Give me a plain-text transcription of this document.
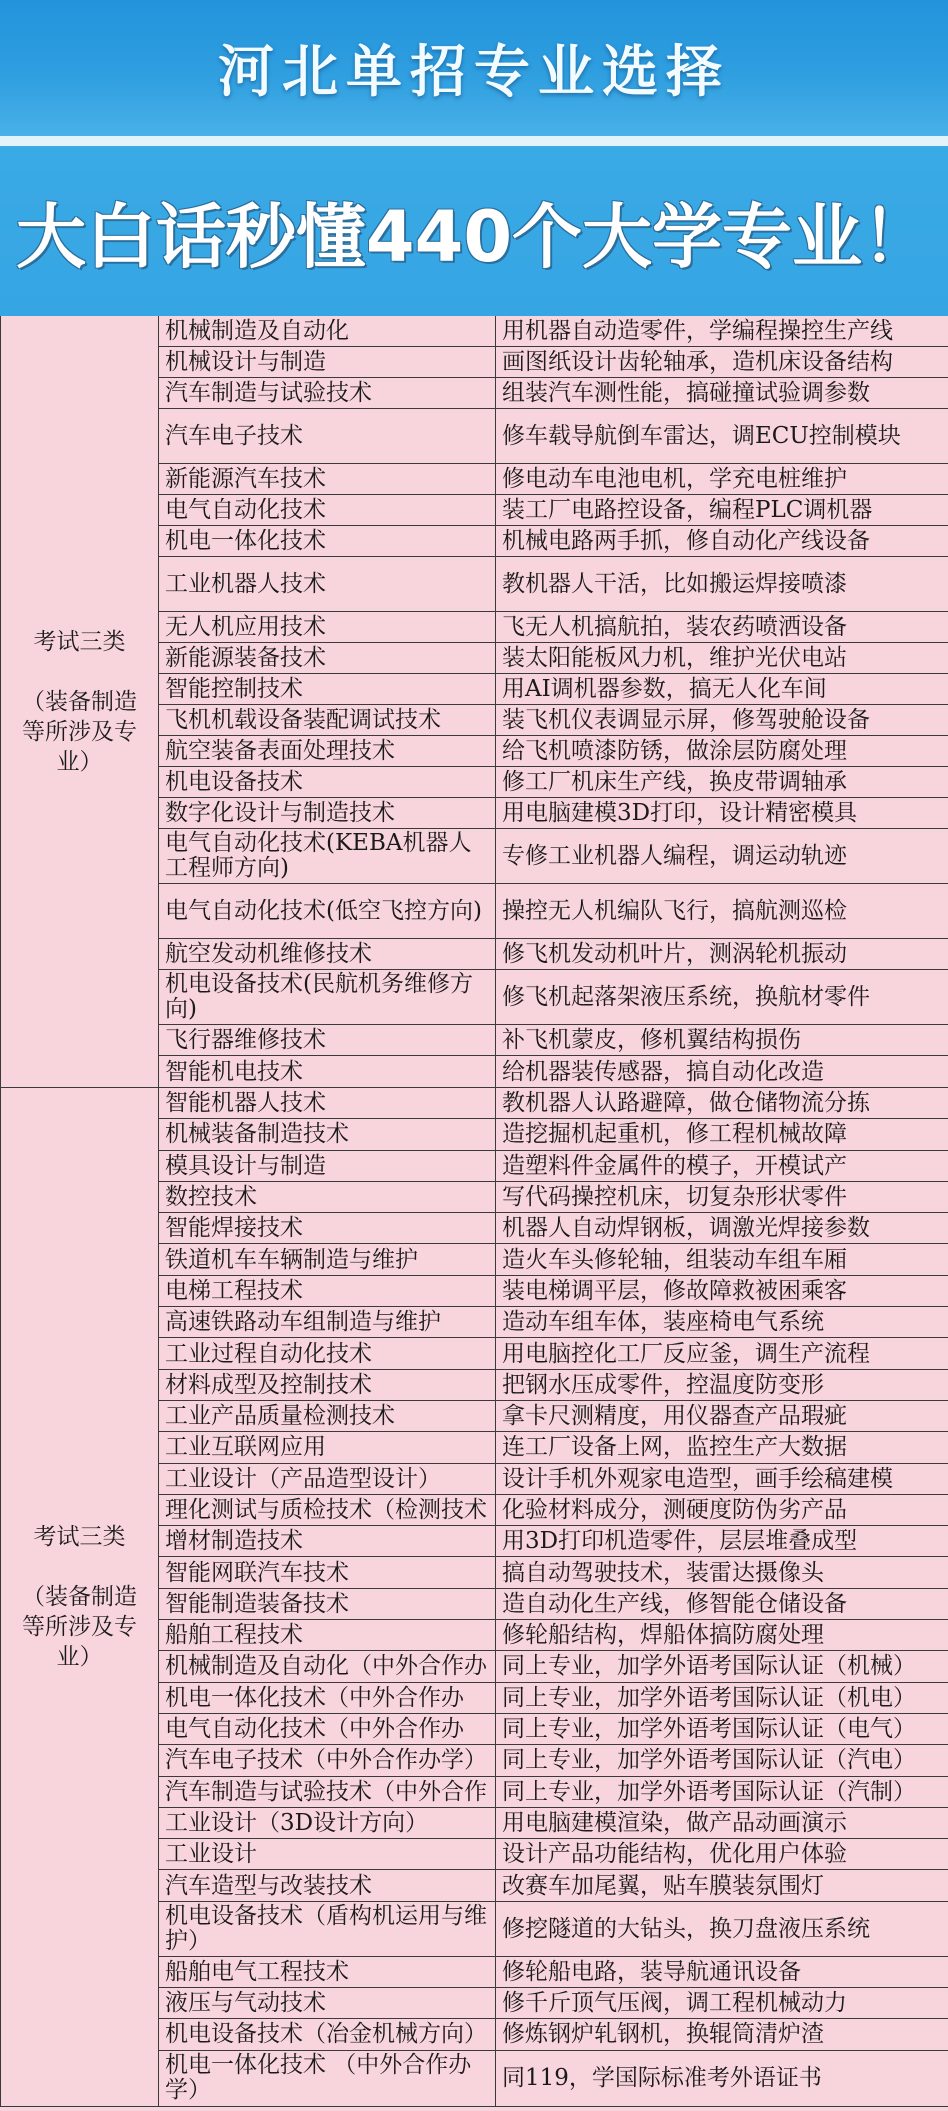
河北单招专业选择
大白话秒懂440个大学专业！
考试三类
（装备制造等所涉及专业）
机械制造及自动化	用机器自动造零件，学编程操控生产线
机械设计与制造	画图纸设计齿轮轴承，造机床设备结构
汽车制造与试验技术	组装汽车测性能，搞碰撞试验调参数
汽车电子技术	修车载导航倒车雷达，调ECU控制模块
新能源汽车技术	修电动车电池电机，学充电桩维护
电气自动化技术	装工厂电路控设备，编程PLC调机器
机电一体化技术	机械电路两手抓，修自动化产线设备
工业机器人技术	教机器人干活，比如搬运焊接喷漆
无人机应用技术	飞无人机搞航拍，装农药喷洒设备
新能源装备技术	装太阳能板风力机，维护光伏电站
智能控制技术	用AI调机器参数，搞无人化车间
飞机机载设备装配调试技术	装飞机仪表调显示屏，修驾驶舱设备
航空装备表面处理技术	给飞机喷漆防锈，做涂层防腐处理
机电设备技术	修工厂机床生产线，换皮带调轴承
数字化设计与制造技术	用电脑建模3D打印，设计精密模具
电气自动化技术(KEBA机器人工程师方向)	专修工业机器人编程，调运动轨迹
电气自动化技术(低空飞控方向) 操控无人机编队飞行，搞航测巡检
航空发动机维修技术	修飞机发动机叶片，测涡轮机振动
机电设备技术(民航机务维修方向)	修飞机起落架液压系统，换航材零件
飞行器维修技术	补飞机蒙皮，修机翼结构损伤
智能机电技术	给机器装传感器，搞自动化改造
考试三类
（装备制造等所涉及专业）
智能机器人技术	教机器人认路避障，做仓储物流分拣
机械装备制造技术	造挖掘机起重机，修工程机械故障
模具设计与制造	造塑料件金属件的模子，开模试产
数控技术	写代码操控机床，切复杂形状零件
智能焊接技术	机器人自动焊钢板，调激光焊接参数
铁道机车车辆制造与维护	造火车头修轮轴，组装动车组车厢
电梯工程技术	装电梯调平层，修故障救被困乘客
高速铁路动车组制造与维护	造动车组车体，装座椅电气系统
工业过程自动化技术	用电脑控化工厂反应釜，调生产流程
材料成型及控制技术	把钢水压成零件，控温度防变形
工业产品质量检测技术	拿卡尺测精度，用仪器查产品瑕疵
工业互联网应用	连工厂设备上网，监控生产大数据
工业设计（产品造型设计）	设计手机外观家电造型，画手绘稿建模
理化测试与质检技术（检测技术 化验材料成分，测硬度防伪劣产品
增材制造技术	用3D打印机造零件，层层堆叠成型
智能网联汽车技术	搞自动驾驶技术，装雷达摄像头
智能制造装备技术	造自动化生产线，修智能仓储设备
船舶工程技术	修轮船结构，焊船体搞防腐处理
机械制造及自动化（中外合作办 同上专业，加学外语考国际认证（机械）
机电一体化技术（中外合作办	同上专业，加学外语考国际认证（机电）
电气自动化技术（中外合作办	同上专业，加学外语考国际认证（电气）
汽车电子技术（中外合作办学） 同上专业，加学外语考国际认证（汽电）
汽车制造与试验技术（中外合作 同上专业，加学外语考国际认证（汽制）
工业设计（3D设计方向）	用电脑建模渲染，做产品动画演示
工业设计	设计产品功能结构，优化用户体验
汽车造型与改装技术	改赛车加尾翼，贴车膜装氛围灯
机电设备技术（盾构机运用与维护）	修挖隧道的大钻头，换刀盘液压系统
船舶电气工程技术	修轮船电路，装导航通讯设备
液压与气动技术	修千斤顶气压阀，调工程机械动力
机电设备技术（冶金机械方向） 修炼钢炉轧钢机，换辊筒清炉渣
机电一体化技术 （中外合作办学）	同119，学国际标准考外语证书
